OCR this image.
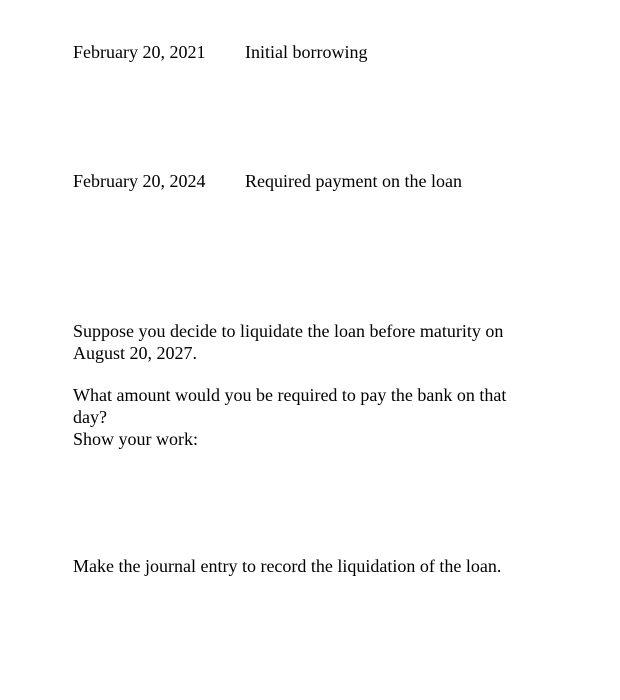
February 20, 2021 Initial borrowing
February 20, 2024 Required payment on the loan

Suppose you decide to liquidate the loan before maturity on
August 20, 2027.

What amount would you be required to pay the bank on that
day?
Show your work:

Make the journal entry to record the liquidation of the loan.
